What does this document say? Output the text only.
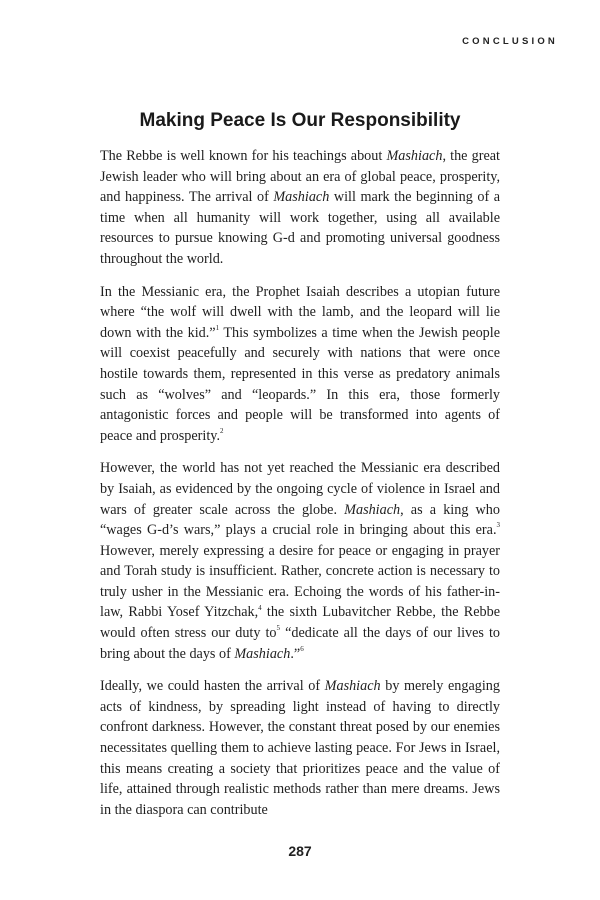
CONCLUSION
Making Peace Is Our Responsibility

The Rebbe is well known for his teachings about Mashiach, the great Jewish leader who will bring about an era of global peace, prosperity, and happiness. The arrival of Mashiach will mark the beginning of a time when all humanity will work together, using all available resources to pursue knowing G-d and promoting universal goodness throughout the world.

In the Messianic era, the Prophet Isaiah describes a utopian future where “the wolf will dwell with the lamb, and the leopard will lie down with the kid.”$^1$ This symbolizes a time when the Jewish people will coexist peacefully and securely with nations that were once hostile towards them, represented in this verse as predatory animals such as “wolves” and “leopards.” In this era, those formerly antagonistic forces and people will be transformed into agents of peace and prosperity.$^2$

However, the world has not yet reached the Messianic era described by Isaiah, as evidenced by the ongoing cycle of violence in Israel and wars of greater scale across the globe. Mashiach, as a king who “wages G-d’s wars,” plays a crucial role in bringing about this era.$^3$ However, merely expressing a desire for peace or engaging in prayer and Torah study is insufficient. Rather, concrete action is necessary to truly usher in the Messianic era. Echoing the words of his father-in-law, Rabbi Yosef Yitzchak,$^4$ the sixth Lubavitcher Rebbe, the Rebbe would often stress our duty $to^5$ “dedicate all the days of our lives to bring about the days of Mashiach.”$^6$

Ideally, we could hasten the arrival of Mashiach by merely engaging acts of kindness, by spreading light instead of having to directly confront darkness. However, the constant threat posed by our enemies necessitates quelling them to achieve lasting peace. For Jews in Israel, this means creating a society that prioritizes peace and the value of life, attained through realistic methods rather than mere dreams. Jews in the diaspora can contribute

287
